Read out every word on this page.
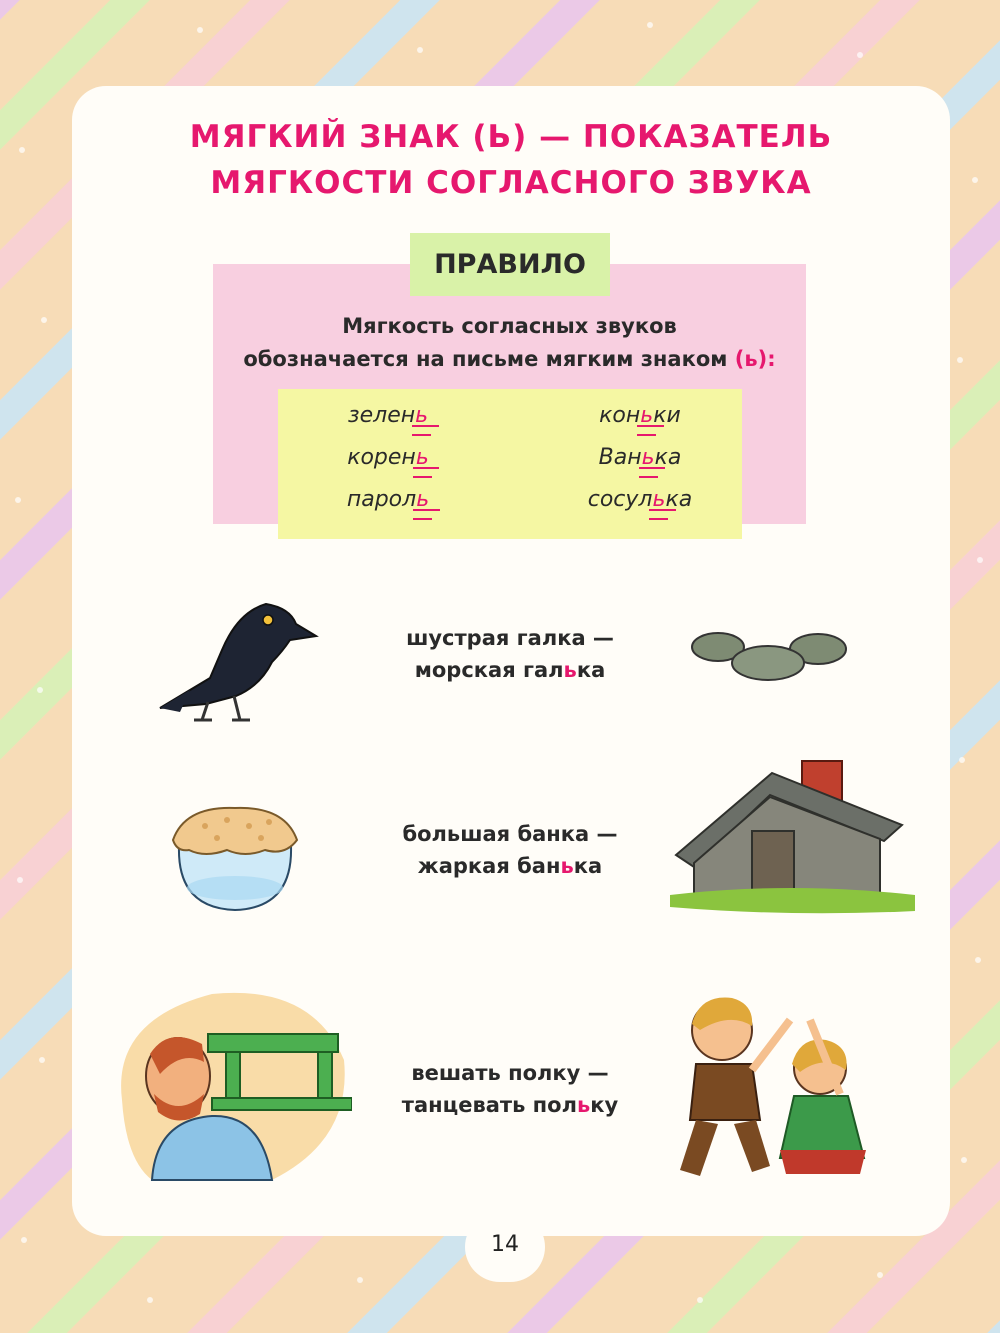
14
МЯГКИЙ ЗНАК (Ь) — ПОКАЗАТЕЛЬ
МЯГКОСТИ СОГЛАСНОГО ЗВУКА
ПРАВИЛО
Мягкость согласных звуков
обозначается на письме мягким знаком (ь):
зелень
корень
пароль
конь
ки
Вань
ка
сосуль
ка
шустрая галка —
морская галька
большая банка —
жаркая банька
вешать полку —
танцевать польку
